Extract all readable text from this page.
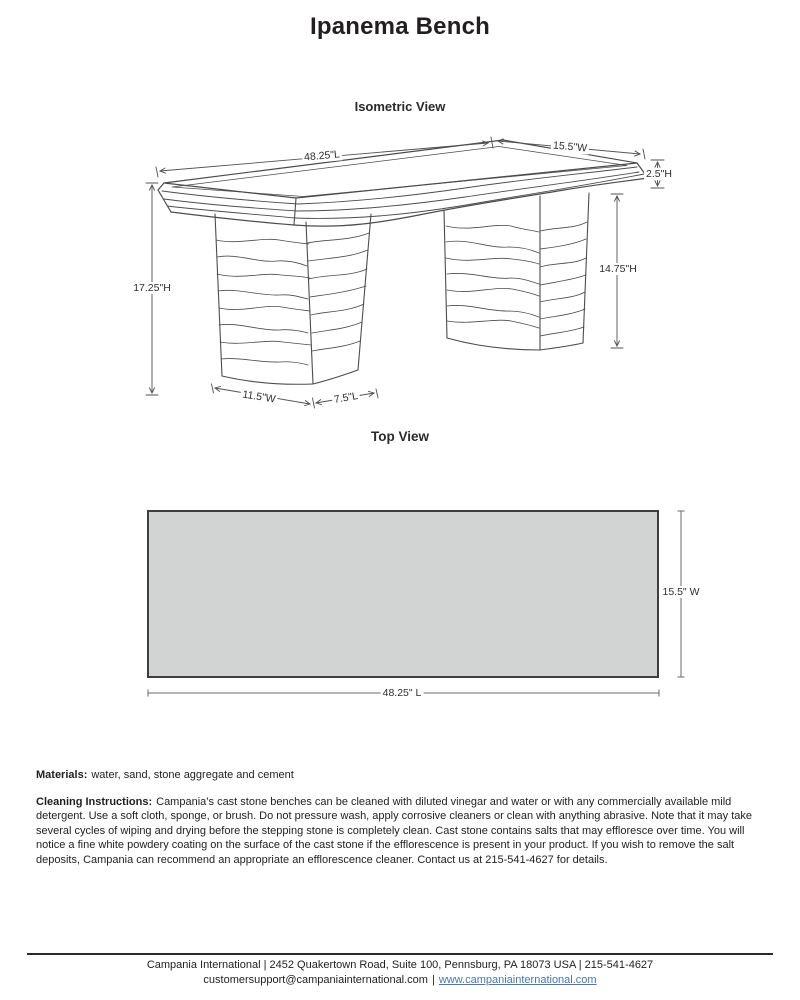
Ipanema Bench
Isometric View
Top View
48.25"L
15.5"W
2.5"H
14.75"H
17.25"H
11.5"W	7.5"L
15.5" W
48.25" L
Materials: water, sand, stone aggregate and cement
Cleaning Instructions: Campania’s cast stone benches can be cleaned with diluted vinegar and water or with any commercially available mild detergent. Use a soft cloth, sponge, or brush. Do not pressure wash, apply corrosive cleaners or clean with anything abrasive. Note that it may take several cycles of wiping and drying before the stepping stone is completely clean. Cast stone contains salts that may effloresce over time. You will notice a fine white powdery coating on the surface of the cast stone if the efflorescence is present in your product. If you wish to remove the salt deposits, Campania can recommend an appropriate an efflorescence cleaner. Contact us at 215-541-4627 for details.
Campania International | 2452 Quakertown Road, Suite 100, Pennsburg, PA 18073 USA | 215-541-4627
customersupport@campaniainternational.com | www.campaniainternational.com
